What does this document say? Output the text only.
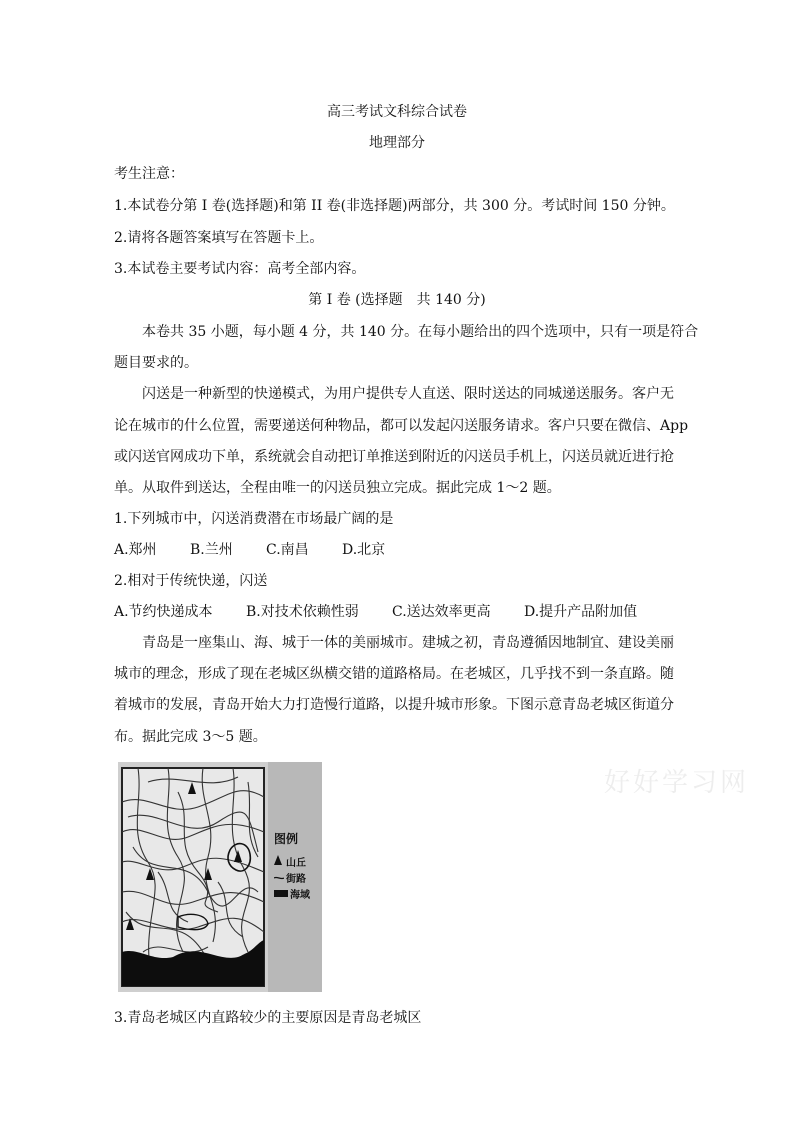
高三考试文科综合试卷
地理部分
考生注意：
1.本试卷分第 I 卷(选择题)和第 II 卷(非选择题)两部分，共 300 分。考试时间 150 分钟。
2.请将各题答案填写在答题卡上。
3.本试卷主要考试内容：高考全部内容。
第 I 卷 (选择题　共 140 分)
本卷共 35 小题，每小题 4 分，共 140 分。在每小题给出的四个选项中，只有一项是符合
题目要求的。
闪送是一种新型的快递模式，为用户提供专人直送、限时送达的同城递送服务。客户无
论在城市的什么位置，需要递送何种物品，都可以发起闪送服务请求。客户只要在微信、App
或闪送官网成功下单，系统就会自动把订单推送到附近的闪送员手机上，闪送员就近进行抢
单。从取件到送达，全程由唯一的闪送员独立完成。据此完成 1～2 题。
1.下列城市中，闪送消费潜在市场最广阔的是
A.郑州 B.兰州 C.南昌 D.北京
2.相对于传统快递，闪送
A.节约快递成本 B.对技术依赖性弱 C.送达效率更高 D.提升产品附加值
青岛是一座集山、海、城于一体的美丽城市。建城之初，青岛遵循因地制宜、建设美丽
城市的理念，形成了现在老城区纵横交错的道路格局。在老城区，几乎找不到一条直路。随
着城市的发展，青岛开始大力打造慢行道路，以提升城市形象。下图示意青岛老城区街道分
布。据此完成 3～5 题。
图例
山丘
街路
海域
好好学习网
3.青岛老城区内直路较少的主要原因是青岛老城区
